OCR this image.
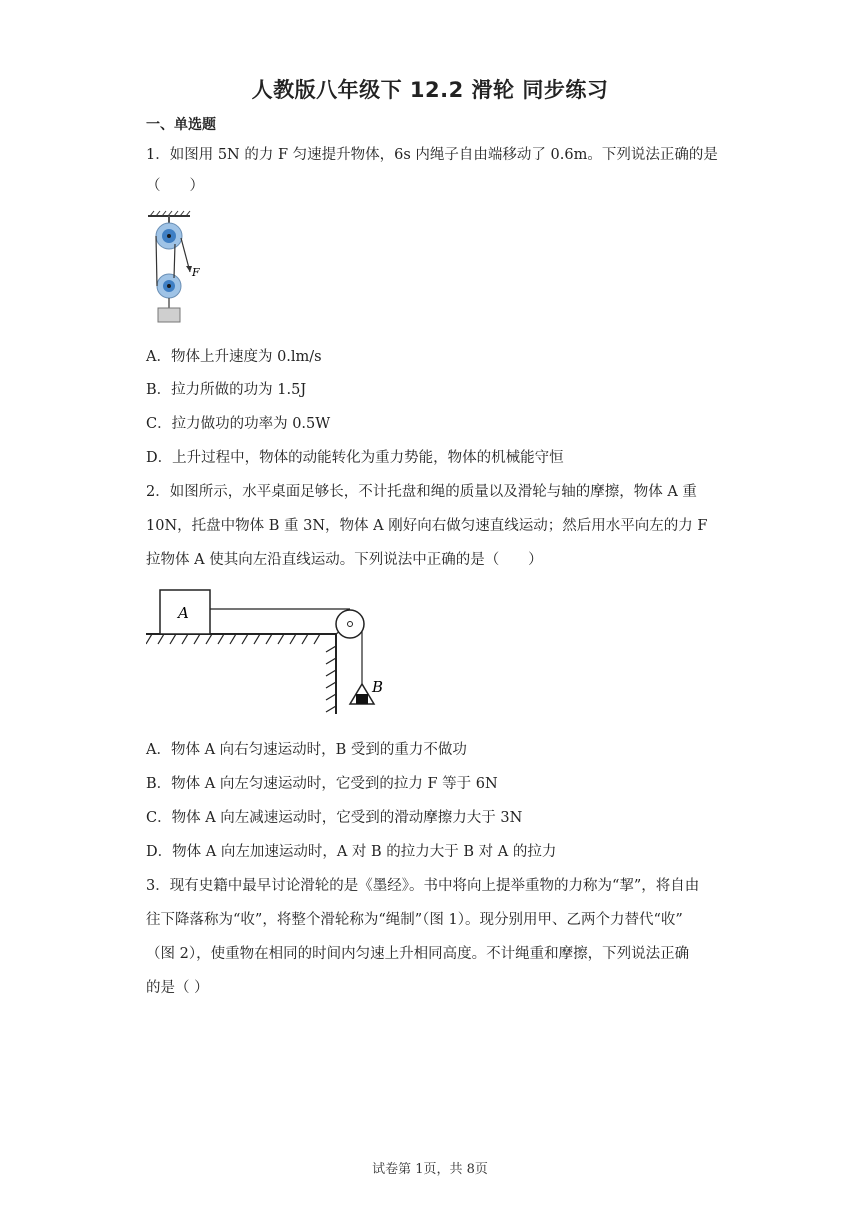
人教版八年级下 12.2 滑轮 同步练习
一、单选题
1．如图用 5N 的力 F 匀速提升物体，6s 内绳子自由端移动了 0.6m。下列说法正确的是
（　　）
F
A．物体上升速度为 0.lm/s
B．拉力所做的功为 1.5J
C．拉力做功的功率为 0.5W
D．上升过程中，物体的动能转化为重力势能，物体的机械能守恒
2．如图所示，水平桌面足够长，不计托盘和绳的质量以及滑轮与轴的摩擦，物体 A 重
10N，托盘中物体 B 重 3N，物体 A 刚好向右做匀速直线运动；然后用水平向左的力 F
拉物体 A 使其向左沿直线运动。下列说法中正确的是（　　）
A
B
A．物体 A 向右匀速运动时，B 受到的重力不做功
B．物体 A 向左匀速运动时，它受到的拉力 F 等于 6N
C．物体 A 向左减速运动时，它受到的滑动摩擦力大于 3N
D．物体 A 向左加速运动时，A 对 B 的拉力大于 B 对 A 的拉力
3．现有史籍中最早讨论滑轮的是《墨经》。书中将向上提举重物的力称为“挈”，将自由
往下降落称为“收”，将整个滑轮称为“绳制”（图 1）。现分别用甲、乙两个力替代“收”
（图 2），使重物在相同的时间内匀速上升相同高度。不计绳重和摩擦，下列说法正确
的是（ ）
试卷第 1页，共 8页
